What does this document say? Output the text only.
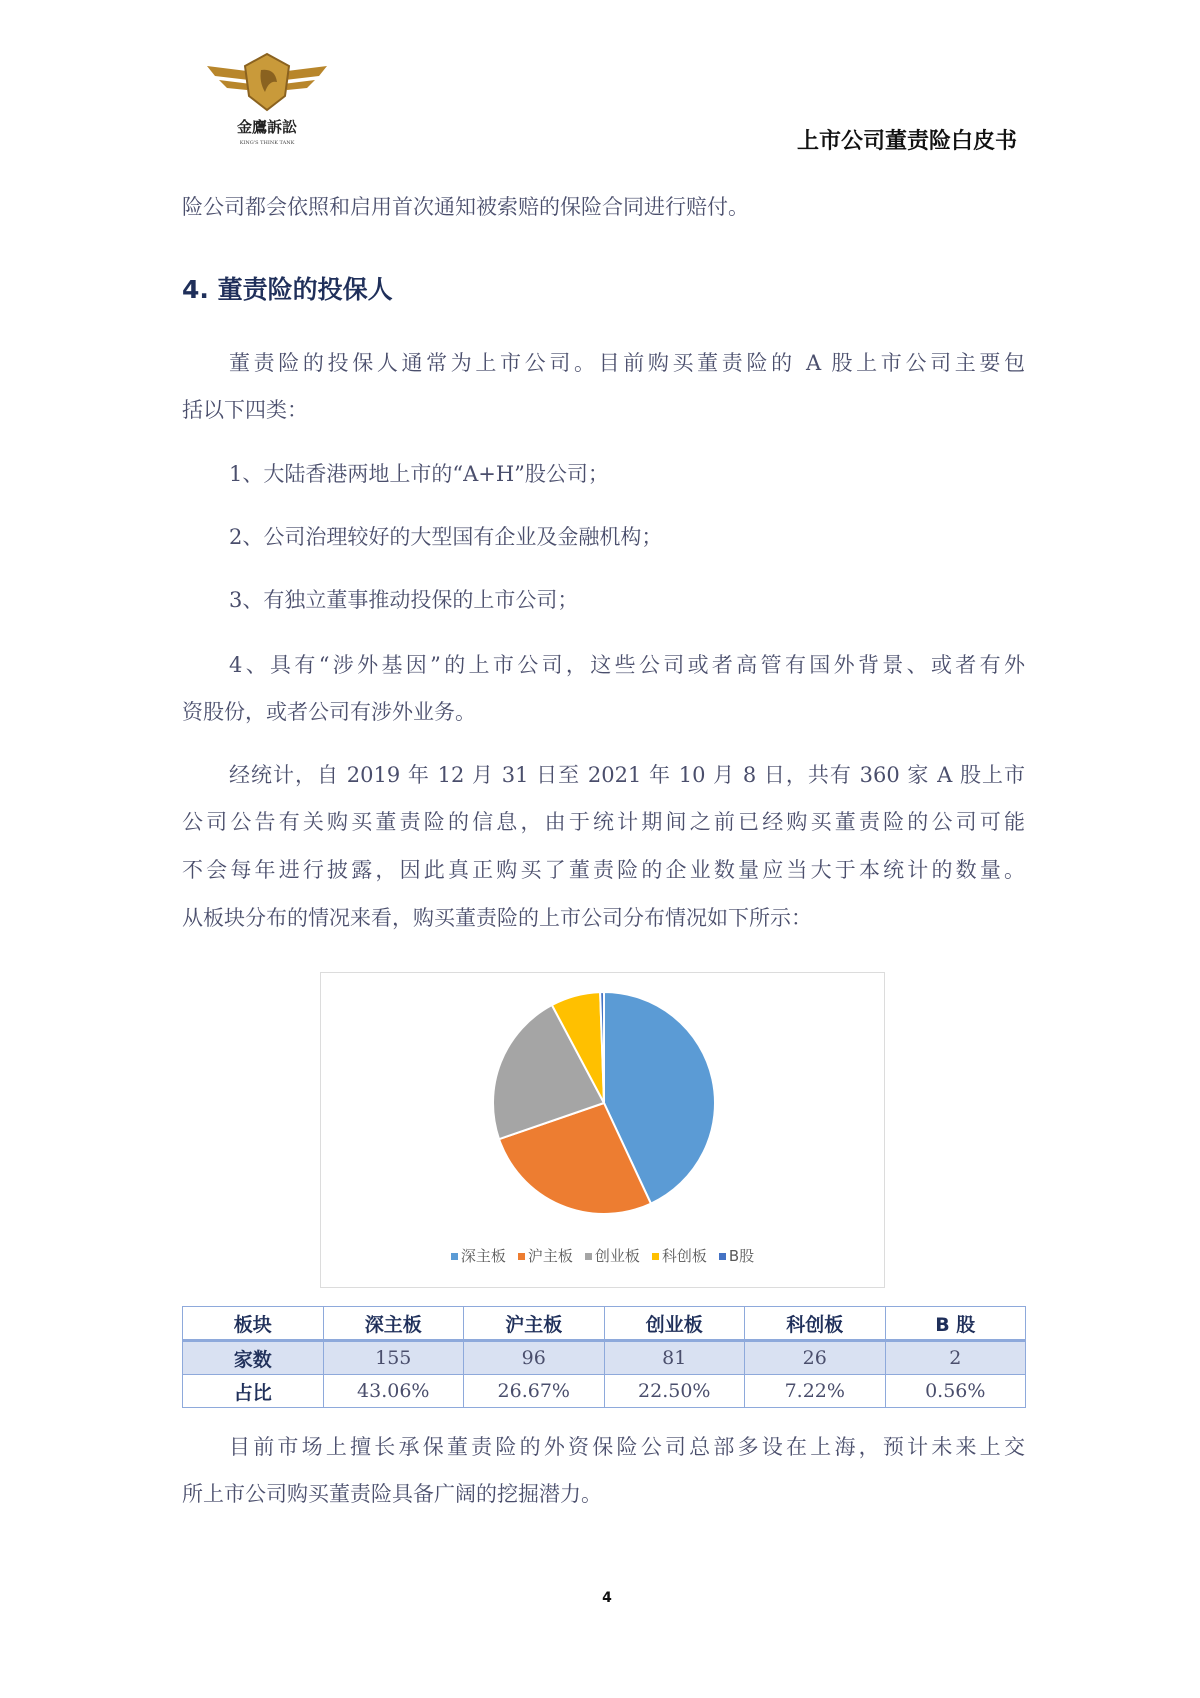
金鷹訴訟
KING'S THINK TANK	上市公司董责险白皮书
险公司都会依照和启用首次通知被索赔的保险合同进行赔付。
4. 董责险的投保人
董责险的投保人通常为上市公司。目前购买董责险的 A 股上市公司主要包
括以下四类：
1、大陆香港两地上市的“A+H”股公司；
2、公司治理较好的大型国有企业及金融机构；
3、有独立董事推动投保的上市公司；
4、具有“涉外基因”的上市公司，这些公司或者高管有国外背景、或者有外
资股份，或者公司有涉外业务。
经统计，自 2019 年 12 月 31 日至 2021 年 10 月 8 日，共有 360 家 A 股上市
公司公告有关购买董责险的信息，由于统计期间之前已经购买董责险的公司可能
不会每年进行披露，因此真正购买了董责险的企业数量应当大于本统计的数量。
从板块分布的情况来看，购买董责险的上市公司分布情况如下所示：
深主板 沪主板 创业板 科创板 B股
板块	深主板	沪主板	创业板	科创板	B 股
家数	155	96	81	26	2
占比	43.06%	26.67%	22.50%	7.22%	0.56%
目前市场上擅长承保董责险的外资保险公司总部多设在上海，预计未来上交
所上市公司购买董责险具备广阔的挖掘潜力。
4
